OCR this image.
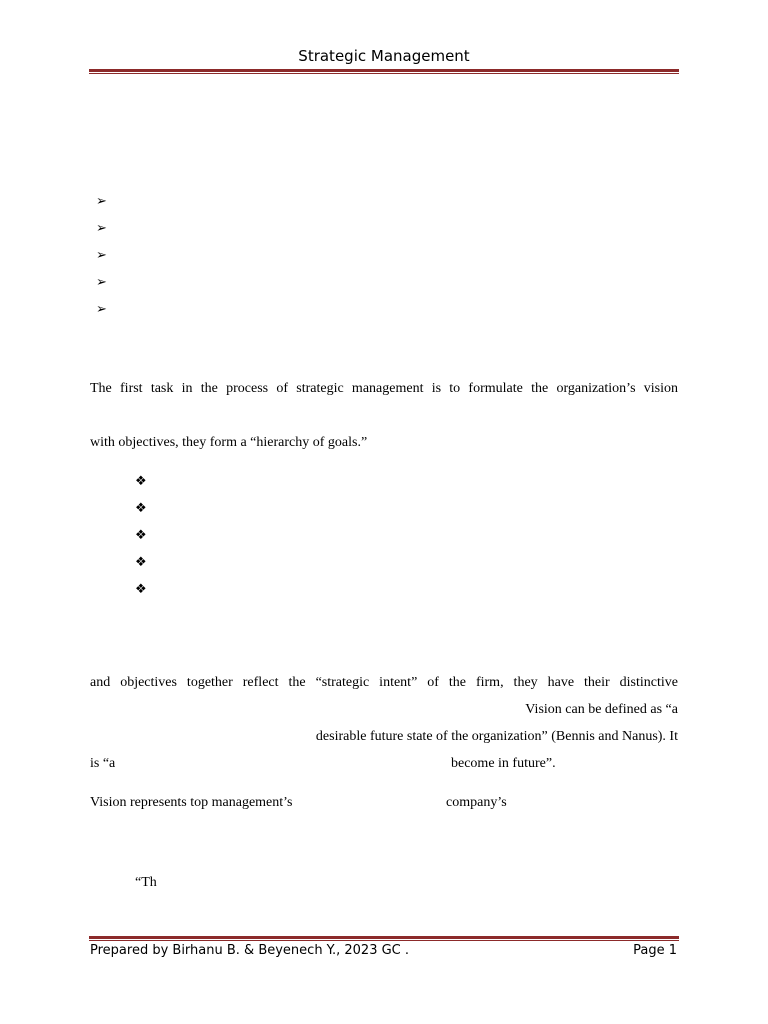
Strategic Management
➢
➢
➢
➢
➢
The first task in the process of strategic management is to formulate the organization’s vision
with objectives, they form a “hierarchy of goals.”
❖
❖
❖
❖
❖
and objectives together reflect the “strategic intent” of the firm, they have their distinctive
Vision can be defined as “a
desirable future state of the organization” (Bennis and Nanus). It
is “a	become in future”.
Vision represents top management’s	company’s
“Th
Prepared by Birhanu B. & Beyenech Y., 2023 GC .	Page 1
